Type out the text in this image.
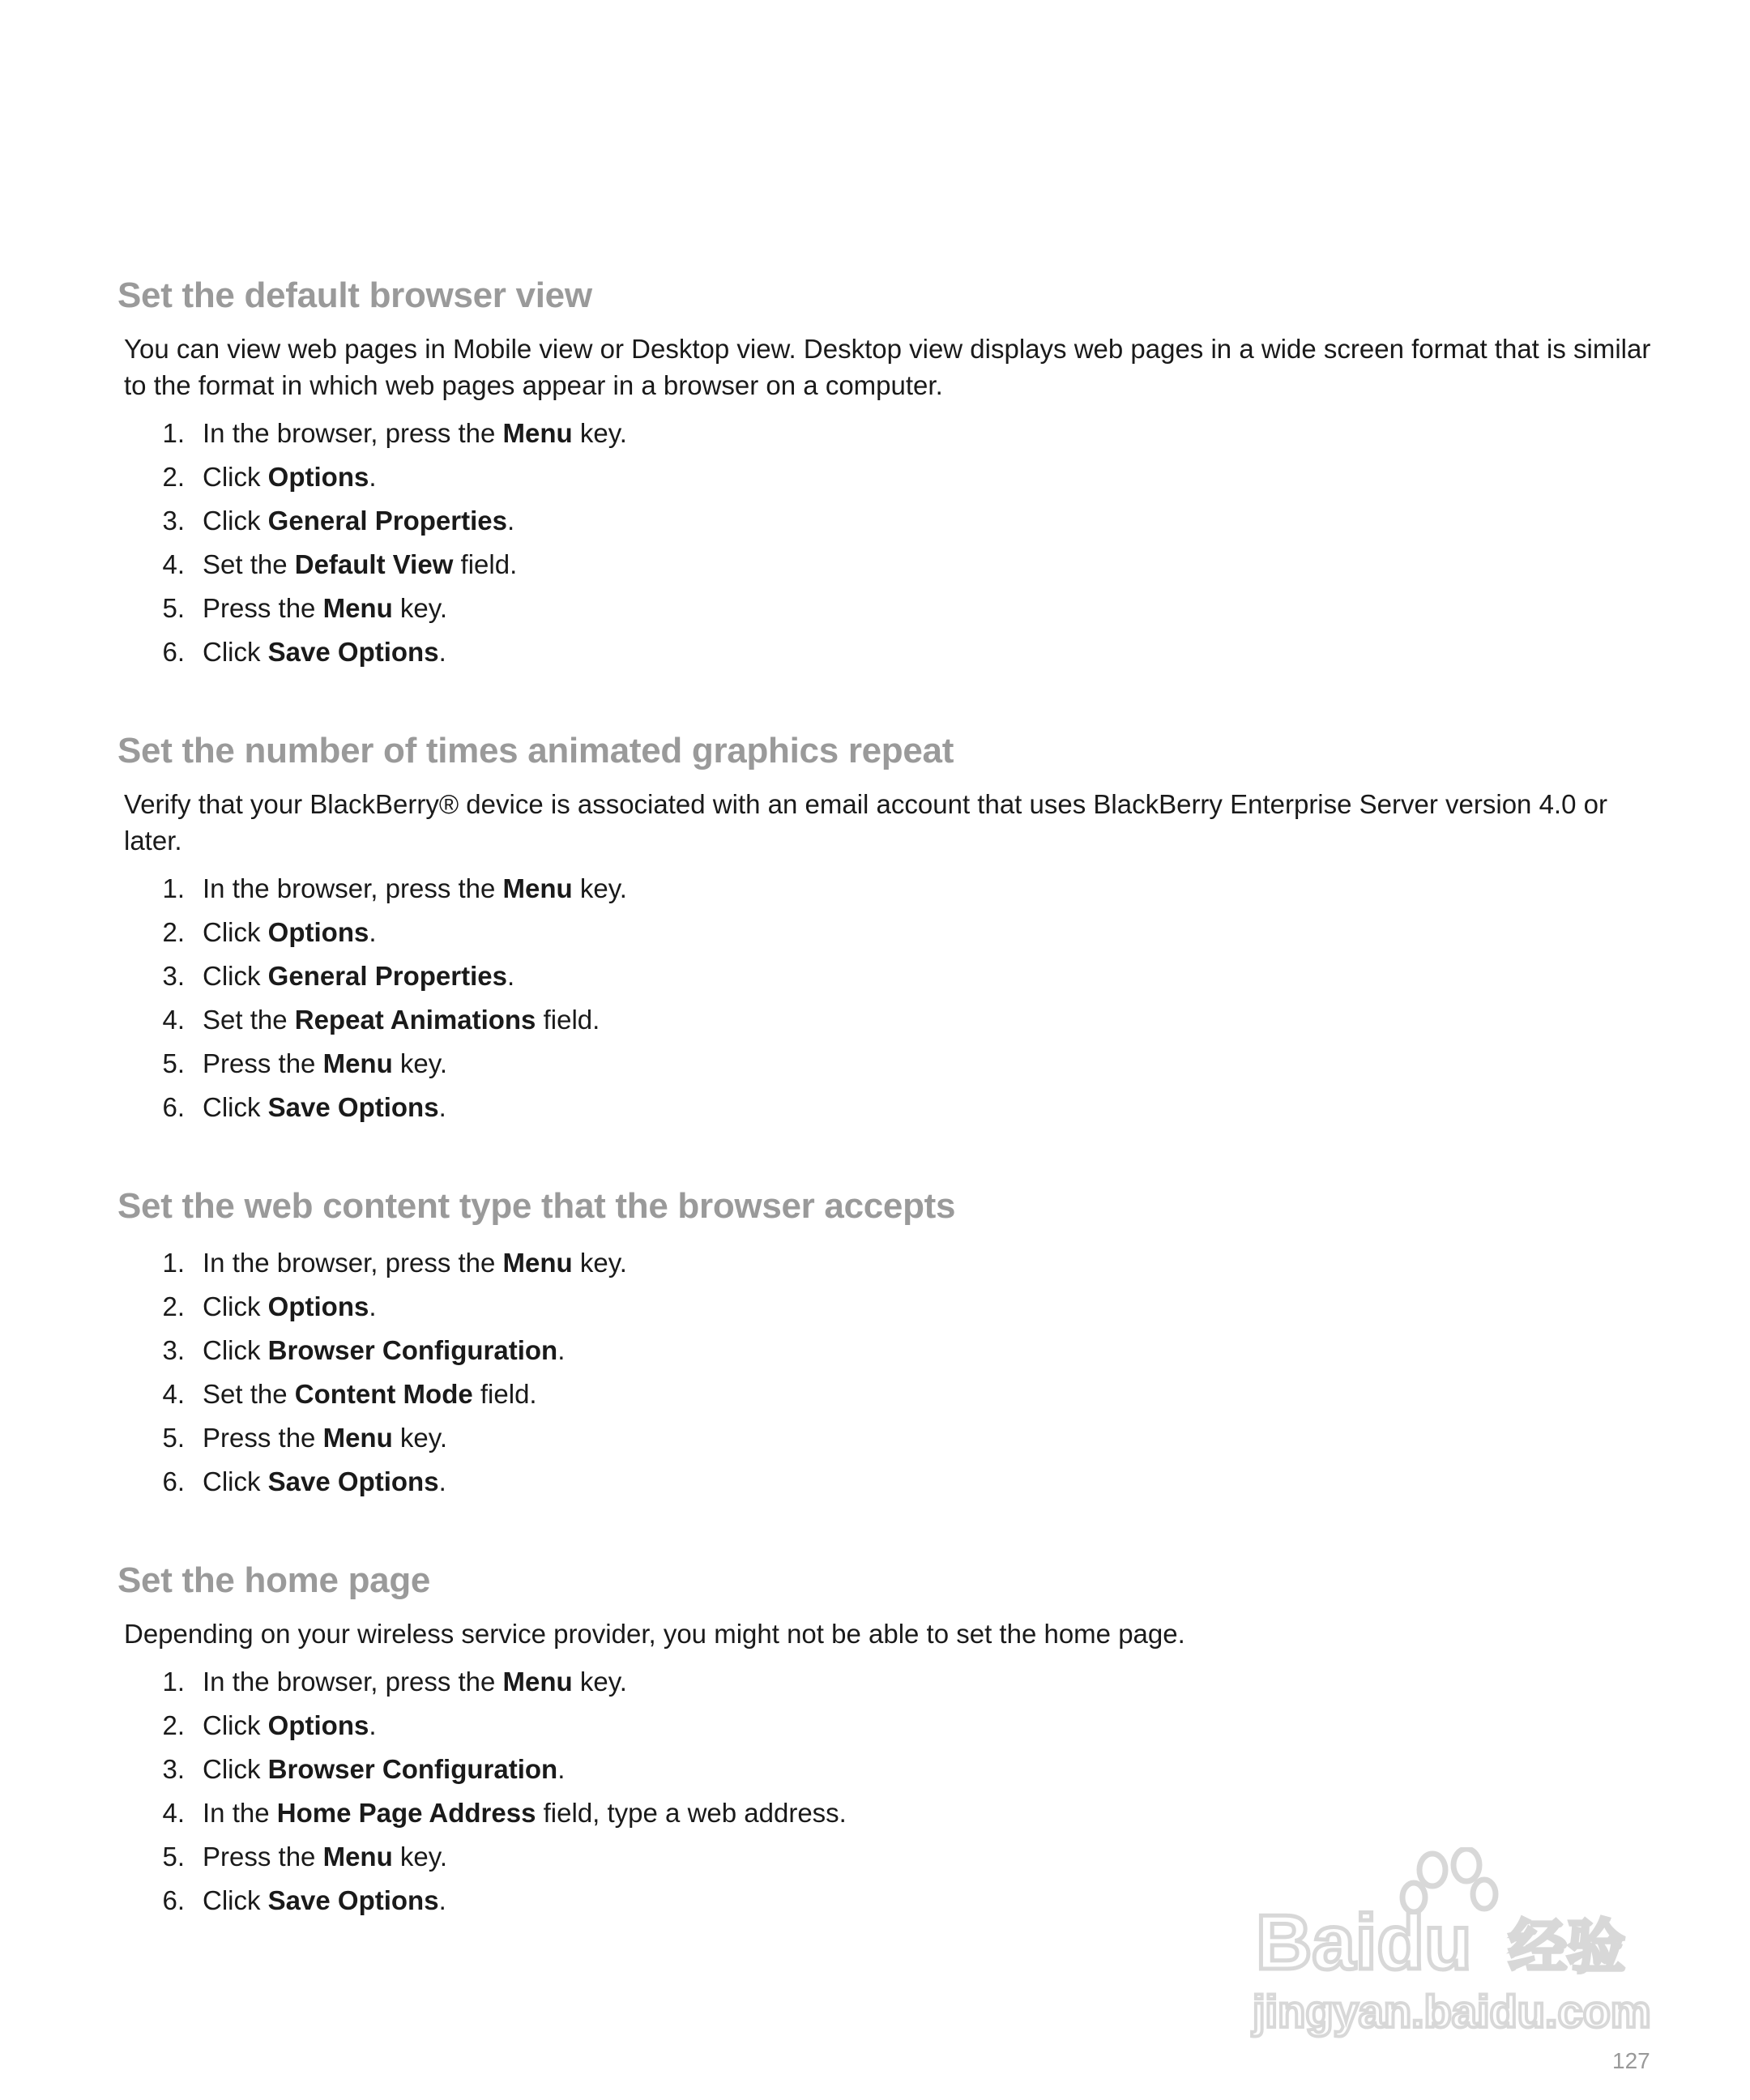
Set the default browser view

You can view web pages in Mobile view or Desktop view. Desktop view displays web pages in a wide screen format that is similar to the format in which web pages appear in a browser on a computer.

1. In the browser, press the Menu key.
2. Click Options.
3. Click General Properties.
4. Set the Default View field.
5. Press the Menu key.
6. Click Save Options.
Set the number of times animated graphics repeat

Verify that your BlackBerry® device is associated with an email account that uses BlackBerry Enterprise Server version 4.0 or later.

1. In the browser, press the Menu key.
2. Click Options.
3. Click General Properties.
4. Set the Repeat Animations field.
5. Press the Menu key.
6. Click Save Options.
Set the web content type that the browser accepts
1. In the browser, press the Menu key.
2. Click Options.
3. Click Browser Configuration.
4. Set the Content Mode field.
5. Press the Menu key.
6. Click Save Options.
Set the home page

Depending on your wireless service provider, you might not be able to set the home page.

1. In the browser, press the Menu key.
2. Click Options.
3. Click Browser Configuration.
4. In the Home Page Address field, type a web address.
5. Press the Menu key.
6. Click Save Options.	Baidu 经验
jingyan.baidu.com
127
